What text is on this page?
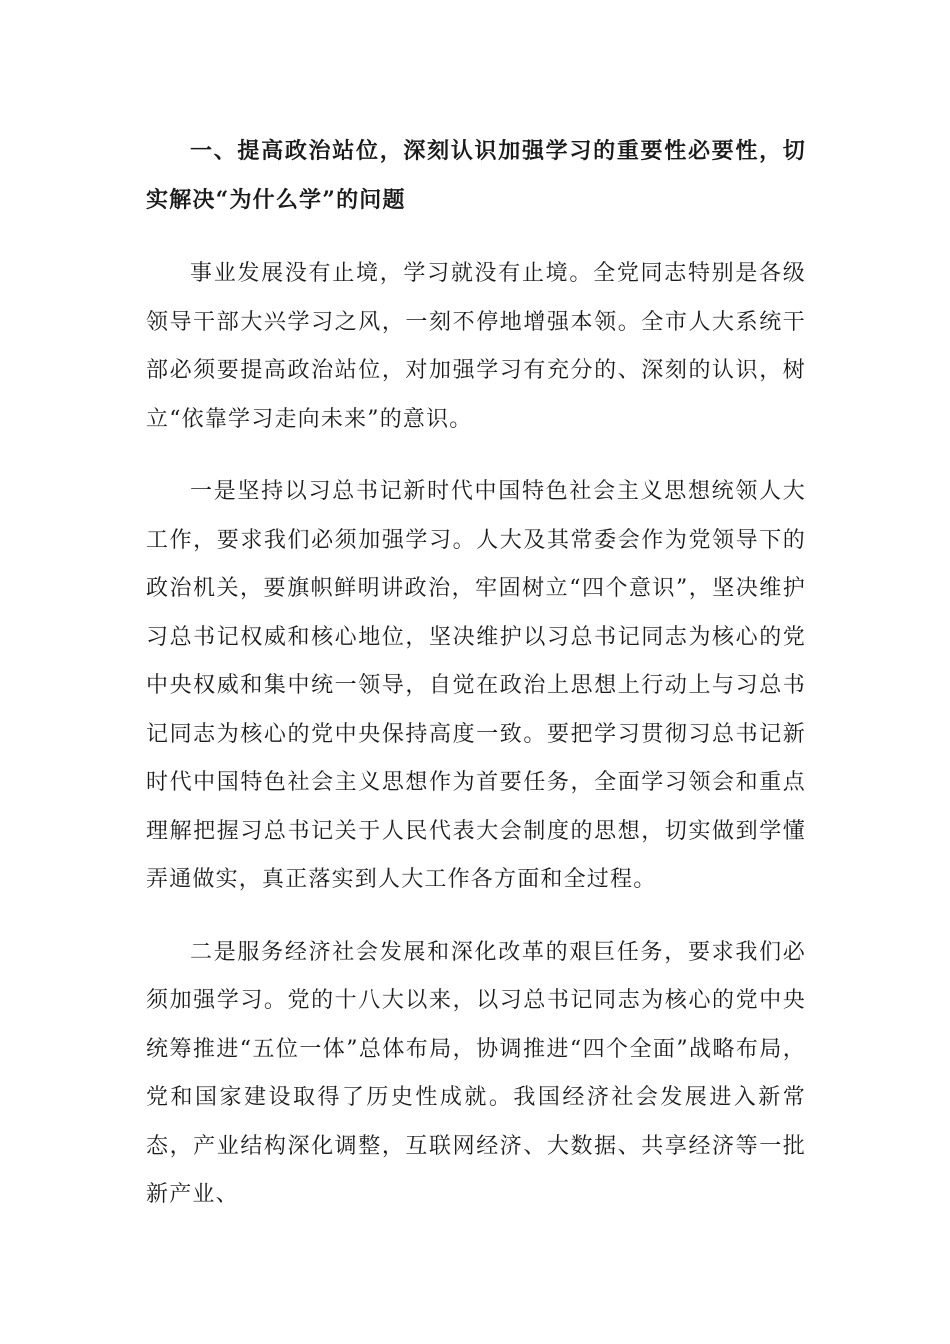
一、提高政治站位，深刻认识加强学习的重要性必要性，切实解决“为什么学”的问题

事业发展没有止境，学习就没有止境。全党同志特别是各级领导干部大兴学习之风，一刻不停地增强本领。全市人大系统干部必须要提高政治站位，对加强学习有充分的、深刻的认识，树立“依靠学习走向未来”的意识。

一是坚持以习总书记新时代中国特色社会主义思想统领人大工作，要求我们必须加强学习。人大及其常委会作为党领导下的政治机关，要旗帜鲜明讲政治，牢固树立“四个意识”，坚决维护习总书记权威和核心地位，坚决维护以习总书记同志为核心的党中央权威和集中统一领导，自觉在政治上思想上行动上与习总书记同志为核心的党中央保持高度一致。要把学习贯彻习总书记新时代中国特色社会主义思想作为首要任务，全面学习领会和重点理解把握习总书记关于人民代表大会制度的思想，切实做到学懂弄通做实，真正落实到人大工作各方面和全过程。

二是服务经济社会发展和深化改革的艰巨任务，要求我们必须加强学习。党的十八大以来，以习总书记同志为核心的党中央统筹推进“五位一体”总体布局，协调推进“四个全面”战略布局，党和国家建设取得了历史性成就。我国经济社会发展进入新常态，产业结构深化调整，互联网经济、大数据、共享经济等一批新产业、
